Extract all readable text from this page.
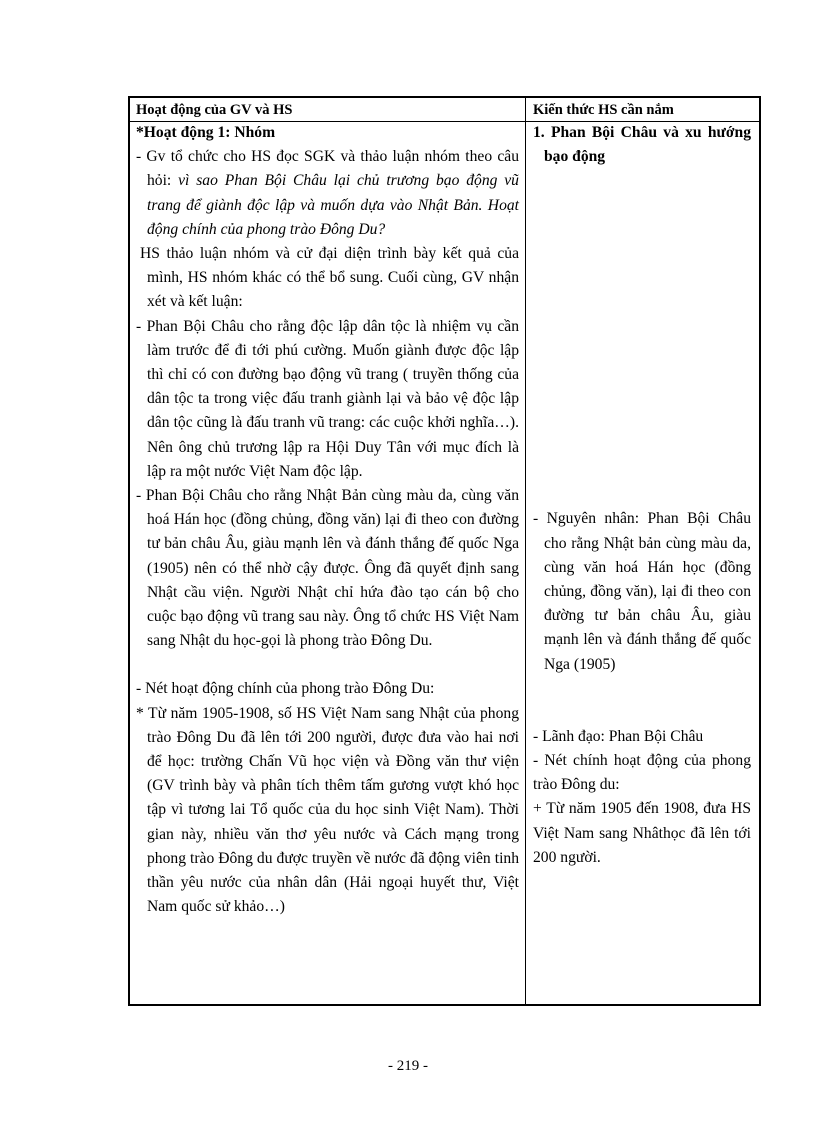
Hoạt động của GV và HS	Kiến thức HS cần nắm

*Hoạt động 1: Nhóm

- Gv tổ chức cho HS đọc SGK và thảo luận nhóm theo câu hỏi: vì sao Phan Bội Châu lại chủ trương bạo động vũ trang để giành độc lập và muốn dựa vào Nhật Bản. Hoạt động chính của phong trào Đông Du?

HS thảo luận nhóm và cử đại diện trình bày kết quả của mình, HS nhóm khác có thể bổ sung. Cuối cùng, GV nhận xét và kết luận:

- Phan Bội Châu cho rằng độc lập dân tộc là nhiệm vụ cần làm trước để đi tới phú cường. Muốn giành được độc lập thì chỉ có con đường bạo động vũ trang ( truyền thống của dân tộc ta trong việc đấu tranh giành lại và bảo vệ độc lập dân tộc cũng là đấu tranh vũ trang: các cuộc khởi nghĩa…). Nên ông chủ trương lập ra Hội Duy Tân với mục đích là lập ra một nước Việt Nam độc lập.

- Phan Bội Châu cho rằng Nhật Bản cùng màu da, cùng văn hoá Hán học (đồng chủng, đồng văn) lại đi theo con đường tư bản châu Âu, giàu mạnh lên và đánh thắng đế quốc Nga (1905) nên có thể nhờ cậy được. Ông đã quyết định sang Nhật cầu viện. Người Nhật chỉ hứa đào tạo cán bộ cho cuộc bạo động vũ trang sau này. Ông tổ chức HS Việt Nam sang Nhật du học-gọi là phong trào Đông Du.

- Nét hoạt động chính của phong trào Đông Du:

* Từ năm 1905-1908, số HS Việt Nam sang Nhật của phong trào Đông Du đã lên tới 200 người, được đưa vào hai nơi để học: trường Chấn Vũ học viện và Đồng văn thư viện (GV trình bày và phân tích thêm tấm gương vượt khó học tập vì tương lai Tổ quốc của du học sinh Việt Nam). Thời gian này, nhiều văn thơ yêu nước và Cách mạng trong phong trào Đông du được truyền về nước đã động viên tinh thần yêu nước của nhân dân (Hải ngoại huyết thư, Việt Nam quốc sử khảo…)

1. Phan Bội Châu và xu hướng bạo động

- Nguyên nhân: Phan Bội Châu cho rằng Nhật bản cùng màu da, cùng văn hoá Hán học (đồng chủng, đồng văn), lại đi theo con đường tư bản châu Âu, giàu mạnh lên và đánh thắng đế quốc Nga (1905)

- Lãnh đạo: Phan Bội Châu

- Nét chính hoạt động của phong trào Đông du:

+ Từ năm 1905 đến 1908, đưa HS Việt Nam sang Nhâthọc đã lên tới 200 người.

- 219 -
